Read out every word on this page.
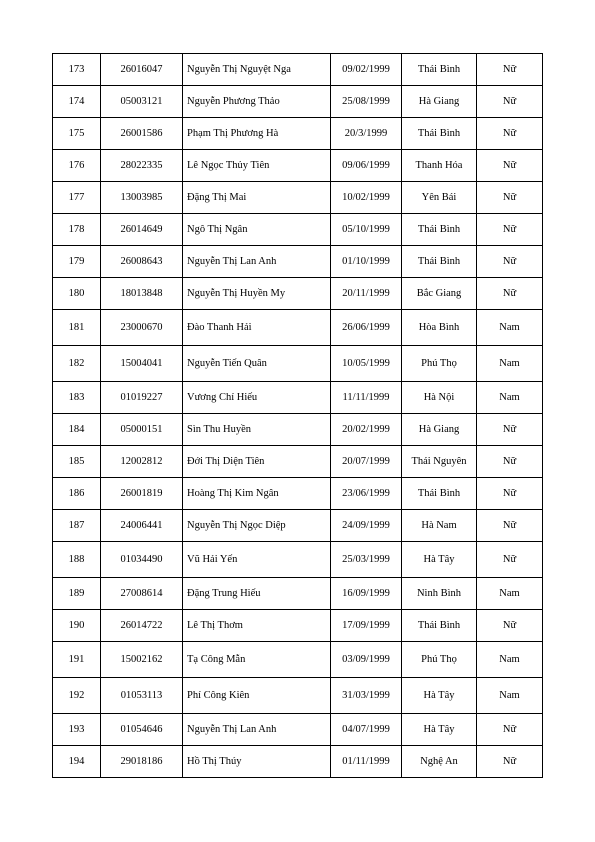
173	26016047	Nguyễn Thị Nguyệt Nga	09/02/1999	Thái Bình	Nữ
174	05003121	Nguyễn Phương Thảo	25/08/1999	Hà Giang	Nữ
175	26001586	Phạm Thị Phương Hà	20/3/1999	Thái Bình	Nữ
176	28022335	Lê Ngọc Thủy Tiên	09/06/1999	Thanh Hóa	Nữ
177	13003985	Đặng Thị Mai	10/02/1999	Yên Bái	Nữ
178	26014649	Ngô Thị Ngân	05/10/1999	Thái Bình	Nữ
179	26008643	Nguyễn Thị Lan Anh	01/10/1999	Thái Bình	Nữ
180	18013848	Nguyễn Thị Huyền My	20/11/1999	Bắc Giang	Nữ
181	23000670	Đào Thanh Hải	26/06/1999	Hòa Bình	Nam
182	15004041	Nguyễn Tiến Quân	10/05/1999	Phú Thọ	Nam
183	01019227	Vương Chí Hiếu	11/11/1999	Hà Nội	Nam
184	05000151	Sìn Thu Huyền	20/02/1999	Hà Giang	Nữ
185	12002812	Đới Thị Diện Tiên	20/07/1999	Thái Nguyên	Nữ
186	26001819	Hoàng Thị Kim Ngân	23/06/1999	Thái Bình	Nữ
187	24006441	Nguyễn Thị Ngọc Diệp	24/09/1999	Hà Nam	Nữ
188	01034490	Vũ Hải Yến	25/03/1999	Hà Tây	Nữ
189	27008614	Đặng Trung Hiếu	16/09/1999	Ninh Bình	Nam
190	26014722	Lê Thị Thơm	17/09/1999	Thái Bình	Nữ
191	15002162	Tạ Công Mẫn	03/09/1999	Phú Thọ	Nam
192	01053113	Phí Công Kiên	31/03/1999	Hà Tây	Nam
193	01054646	Nguyễn Thị Lan Anh	04/07/1999	Hà Tây	Nữ
194	29018186	Hồ Thị Thúy	01/11/1999	Nghệ An	Nữ
